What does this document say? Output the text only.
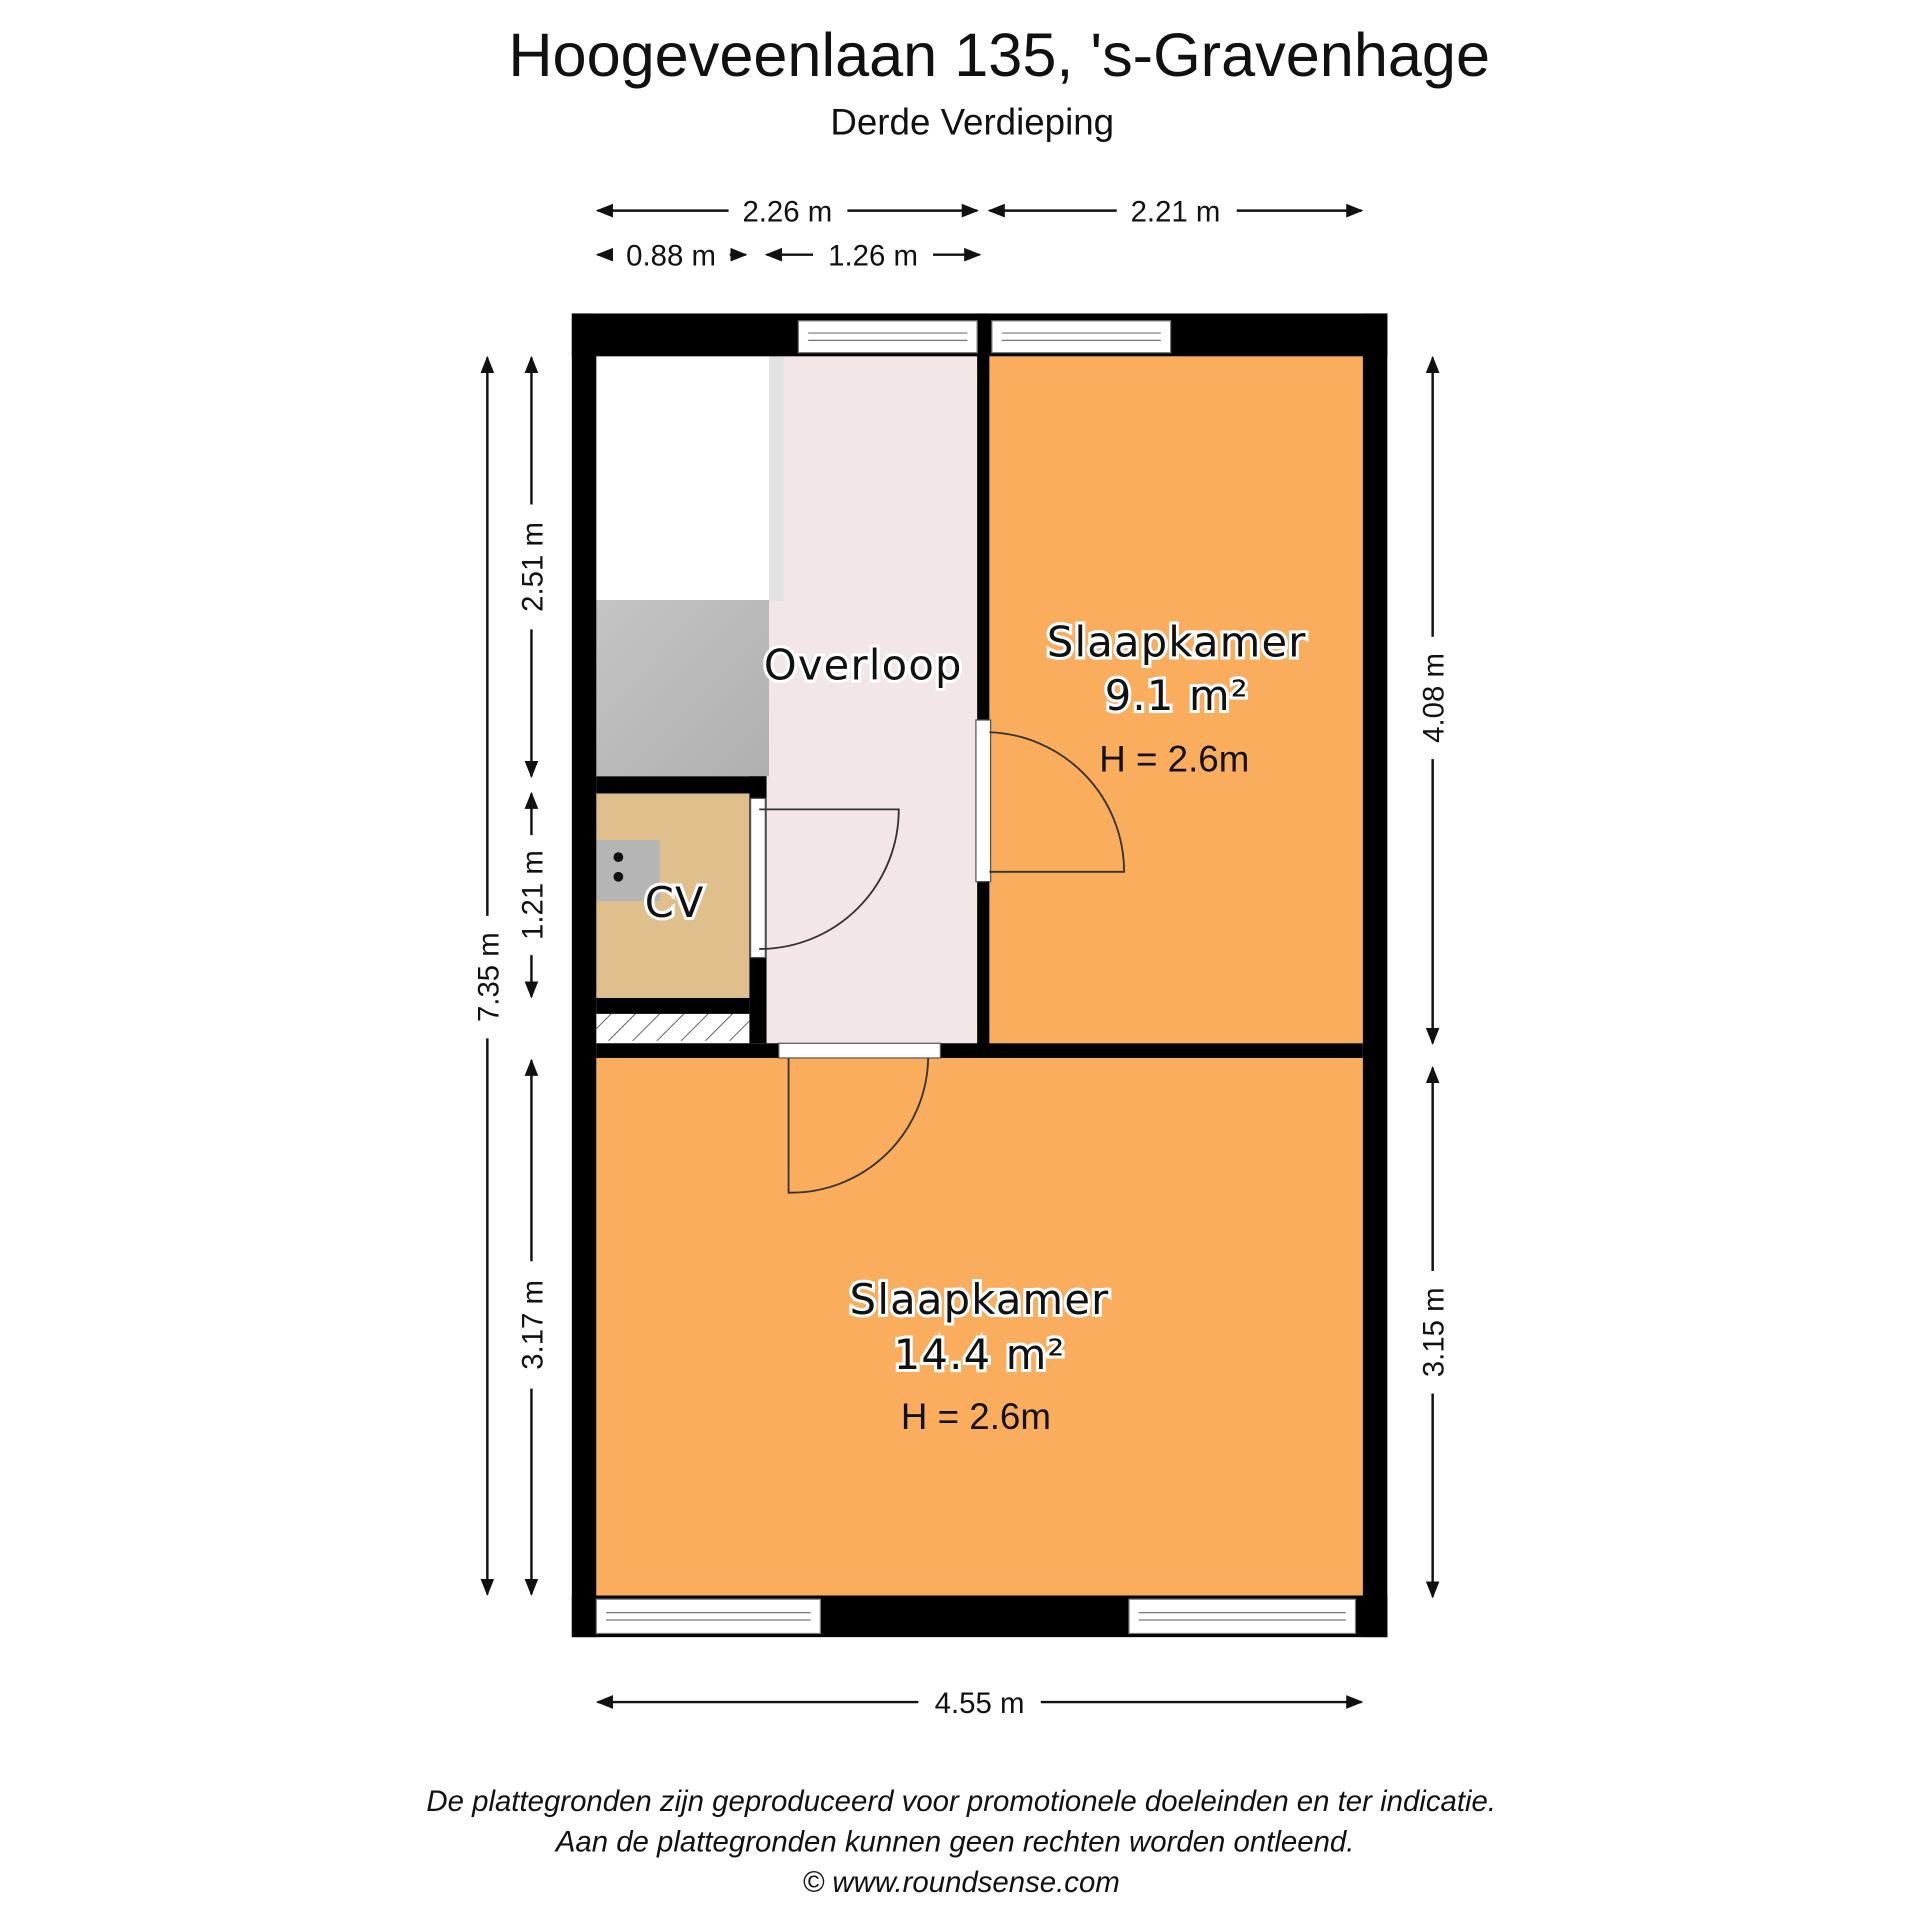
Hoogeveenlaan 135, 's-Gravenhage
Derde Verdieping
Overloop
CV
Slaapkamer
9.1 m²
H = 2.6m
Slaapkamer
14.4 m²
H = 2.6m
2.26 m	2.21 m
0.88 m	1.26 m
4.55 m
7.35 m
2.51 m
1.21 m
3.17 m
4.08 m
3.15 m
De plattegronden zijn geproduceerd voor promotionele doeleinden en ter indicatie.
Aan de plattegronden kunnen geen rechten worden ontleend.
© www.roundsense.com
